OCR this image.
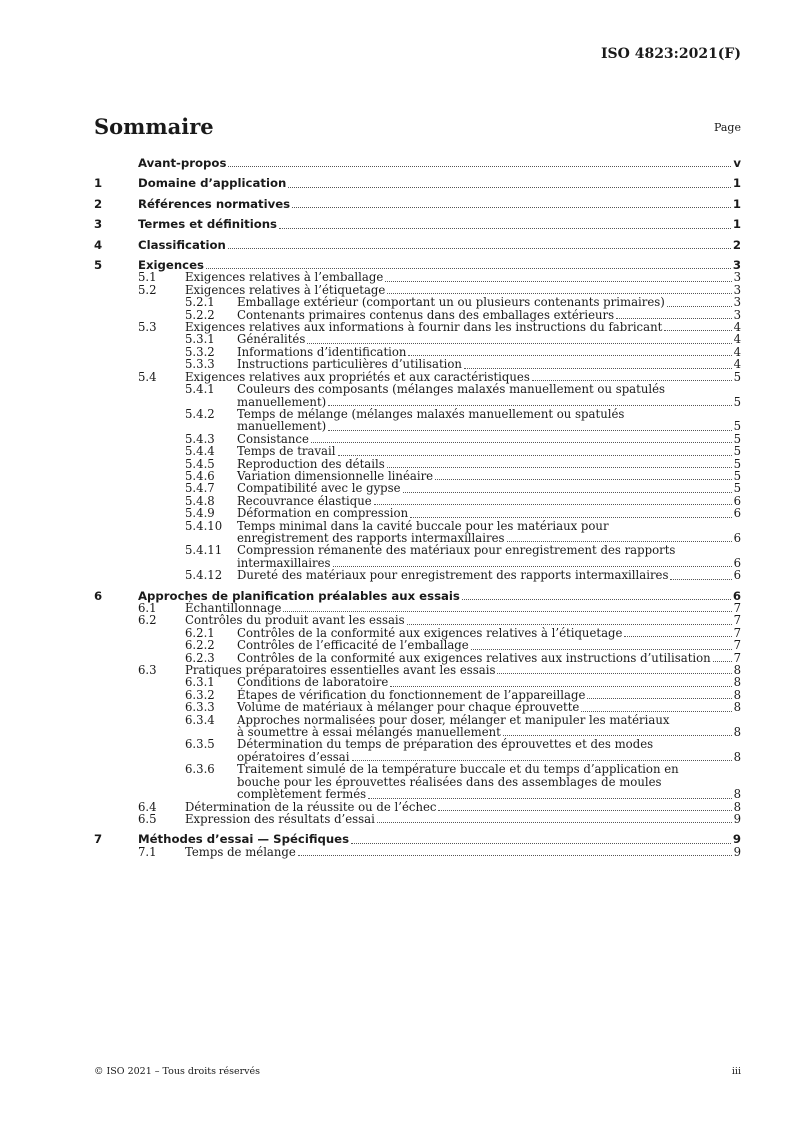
ISO 4823:2021(F)
Sommaire	Page
Avant-propos	v
1	Domaine d’application	1
2	Références normatives	1
3	Termes et définitions	1
4	Classification	2
5	Exigences	3
5.1 Exigences relatives à l’emballage	3
5.2 Exigences relatives à l’étiquetage	3
5.2.1 Emballage extérieur (comportant un ou plusieurs contenants primaires)	3
5.2.2 Contenants primaires contenus dans des emballages extérieurs	3
5.3 Exigences relatives aux informations à fournir dans les instructions du fabricant	4
5.3.1 Généralités	4
5.3.2 Informations d’identification	4
5.3.3 Instructions particulières d’utilisation	4
5.4 Exigences relatives aux propriétés et aux caractéristiques	5
5.4.1 Couleurs des composants (mélanges malaxés manuellement ou spatulés
manuellement)	5
5.4.2 Temps de mélange (mélanges malaxés manuellement ou spatulés
manuellement)	5
5.4.3 Consistance	5
5.4.4 Temps de travail	5
5.4.5 Reproduction des détails	5
5.4.6 Variation dimensionnelle linéaire	5
5.4.7 Compatibilité avec le gypse	5
5.4.8 Recouvrance élastique	6
5.4.9 Déformation en compression	6
5.4.10 Temps minimal dans la cavité buccale pour les matériaux pour
enregistrement des rapports intermaxillaires	6
5.4.11 Compression rémanente des matériaux pour enregistrement des rapports
intermaxillaires	6
5.4.12 Dureté des matériaux pour enregistrement des rapports intermaxillaires	6
6	Approches de planification préalables aux essais	6
6.1 Échantillonnage	7
6.2 Contrôles du produit avant les essais	7
6.2.1 Contrôles de la conformité aux exigences relatives à l’étiquetage	7
6.2.2 Contrôles de l’efficacité de l’emballage	7
6.2.3 Contrôles de la conformité aux exigences relatives aux instructions d’utilisation 7
6.3 Pratiques préparatoires essentielles avant les essais	8
6.3.1 Conditions de laboratoire	8
6.3.2 Étapes de vérification du fonctionnement de l’appareillage	8
6.3.3 Volume de matériaux à mélanger pour chaque éprouvette	8
6.3.4 Approches normalisées pour doser, mélanger et manipuler les matériaux
à soumettre à essai mélangés manuellement	8
6.3.5 Détermination du temps de préparation des éprouvettes et des modes
opératoires d’essai	8
6.3.6 Traitement simulé de la température buccale et du temps d’application en
bouche pour les éprouvettes réalisées dans des assemblages de moules
complètement fermés	8
6.4 Détermination de la réussite ou de l’échec	8
6.5 Expression des résultats d’essai	9
7	Méthodes d’essai — Spécifiques	9
7.1 Temps de mélange	9
© ISO 2021 – Tous droits réservés	iii
